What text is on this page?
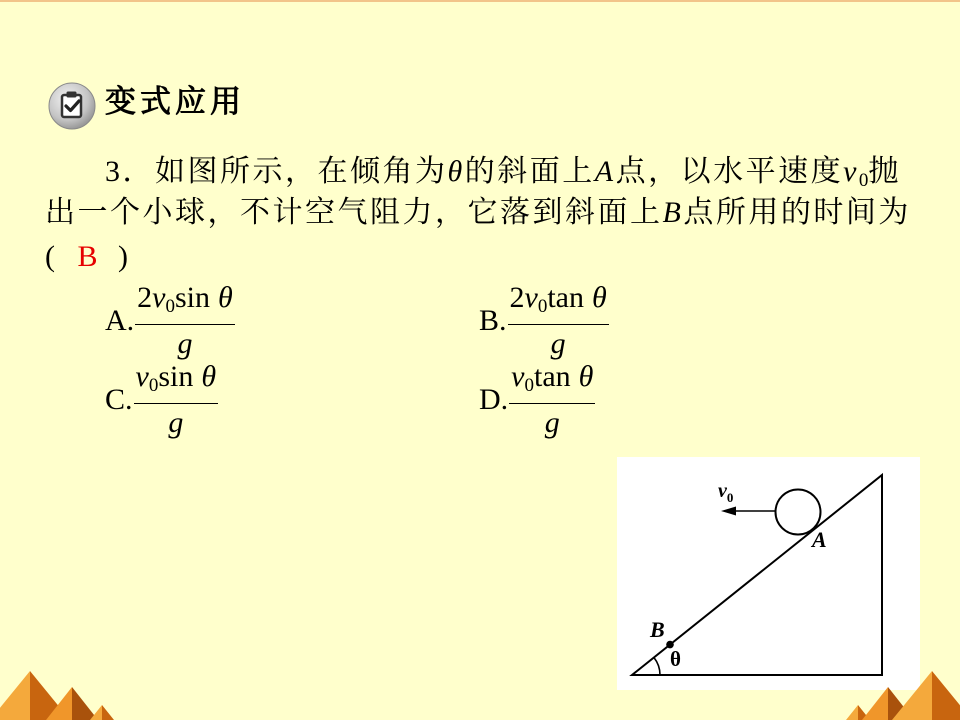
变式应用
3．如图所示，在倾角为θ的斜面上A点，以水平速度$v_0$抛
出一个小球，不计空气阻力，它落到斜面上B点所用的时间为
( B )
A. $\frac{\text{2v0sin θ}}{g}$	B. $\frac{\text{2v0tan θ}}{g}$
C. $\frac{\text{v0sin θ}}{g}$	D. $\frac{\text{v0tan θ}}{g}$
$v_0$
A
B
θ
